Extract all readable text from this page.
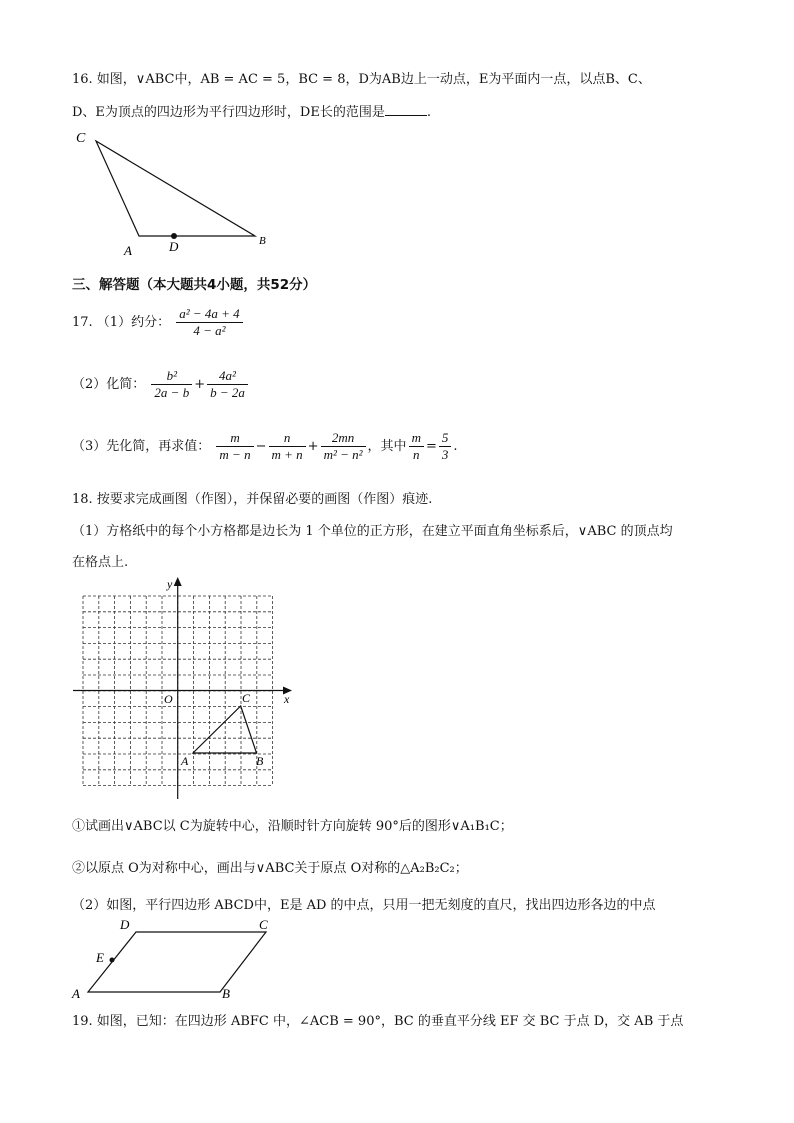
16. 如图，∨ABC中，AB = AC = 5，BC = 8，D为AB边上一动点，E为平面内一点，以点B、C、
D、E为顶点的四边形为平行四边形时，DE长的范围是	.
C
A	D	B
三、解答题（本大题共4小题，共52分）
17. （1）约分： $\frac{\text{a² − 4a + 4}}{\text{4 − a²}}$
（2）化简： $\frac{\text{b²}}{2a - b} + \frac{\text{4a²}}{b - 2a}$
（3）先化简，再求值： $\frac{m}{m - n} - \frac{n}{m + n} + \frac{2mn}{\text{m² − n²}}$ ，其中 $\frac{m}{n} = \frac{5}{3}$ .
18. 按要求完成画图（作图），并保留必要的画图（作图）痕迹.
（1）方格纸中的每个小方格都是边长为 1 个单位的正方形，在建立平面直角坐标系后，∨ABC 的顶点均
在格点上.
y
x
O	C
A	B
①试画出∨ABC以 C为旋转中心，沿顺时针方向旋转 90°后的图形∨A₁B₁C；
②以原点 O为对称中心，画出与∨ABC关于原点 O对称的△A₂B₂C₂；
（2）如图，平行四边形 ABCD中，E是 AD 的中点，只用一把无刻度的直尺，找出四边形各边的中点
D	C
E
A	B
19. 如图，已知：在四边形 ABFC 中，∠ACB = 90°，BC 的垂直平分线 EF 交 BC 于点 D，交 AB 于点
